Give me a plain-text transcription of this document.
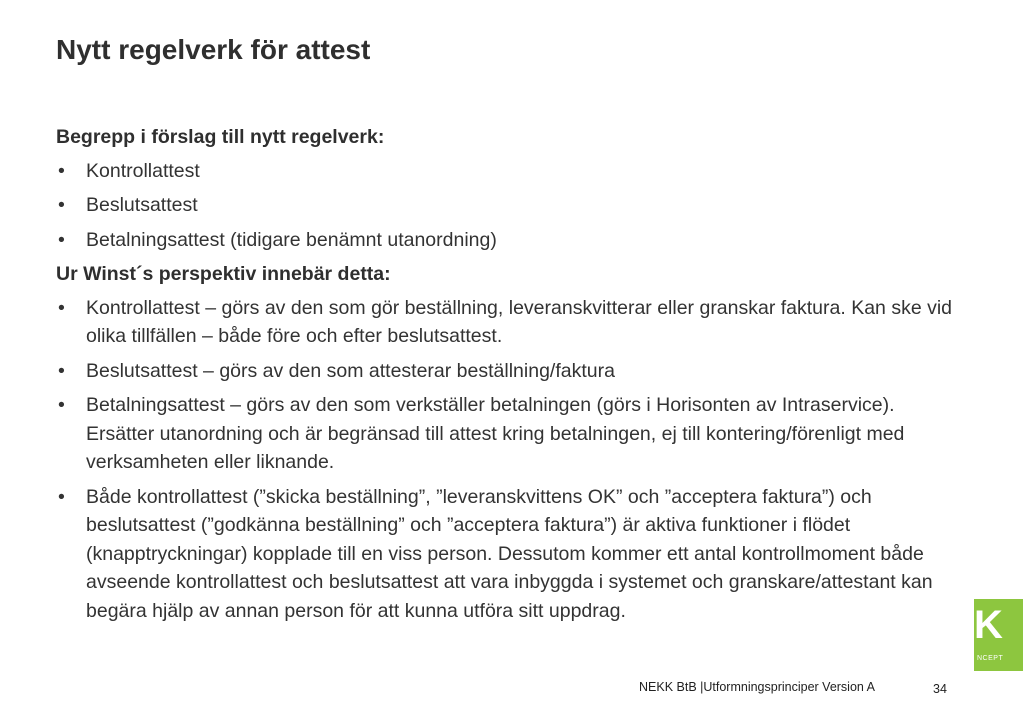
Nytt regelverk för attest

Begrepp i förslag till nytt regelverk:

• Kontrollattest
• Beslutsattest
• Betalningsattest (tidigare benämnt utanordning)

Ur Winst´s perspektiv innebär detta:

• Kontrollattest – görs av den som gör beställning, leveranskvitterar eller granskar faktura. Kan ske vid olika tillfällen – både före och efter beslutsattest.
• Beslutsattest – görs av den som attesterar beställning/faktura
• Betalningsattest – görs av den som verkställer betalningen (görs i Horisonten av Intraservice). Ersätter utanordning och är begränsad till attest kring betalningen, ej till kontering/förenligt med verksamheten eller liknande.
• Både kontrollattest (”skicka beställning”, ”leveranskvittens OK” och ”acceptera faktura”) och beslutsattest (”godkänna beställning” och ”acceptera faktura”) är aktiva funktioner i flödet (knapptryckningar) kopplade till en viss person. Dessutom kommer ett antal kontrollmoment både avseende kontrollattest och beslutsattest att vara inbyggda i systemet och granskare/attestant kan begära hjälp av annan person för att kunna utföra sitt uppdrag.	K
NCEPT
NEKK BtB |Utformningsprinciper Version A	34
